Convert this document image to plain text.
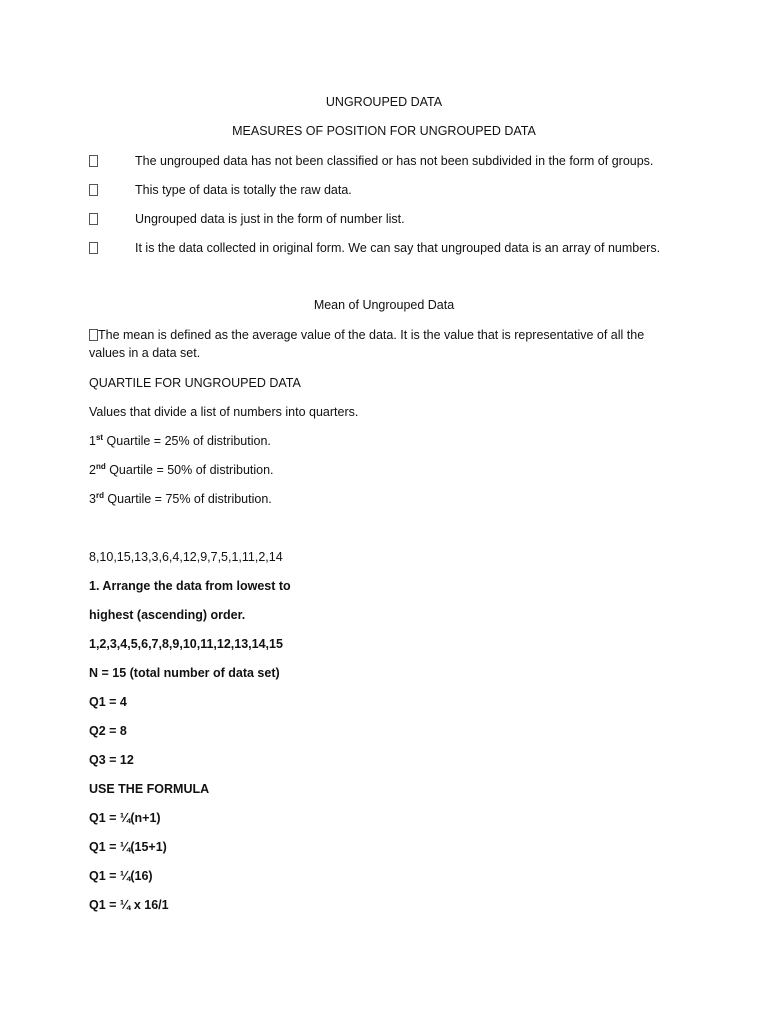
UNGROUPED DATA
MEASURES OF POSITION FOR UNGROUPED DATA
The ungrouped data has not been classified or has not been subdivided in the form of groups.
This type of data is totally the raw data.
Ungrouped data is just in the form of number list.
It is the data collected in original form. We can say that ungrouped data is an array of numbers.
Mean of Ungrouped Data
The mean is defined as the average value of the data. It is the value that is representative of all the
values in a data set.
QUARTILE FOR UNGROUPED DATA
Values that divide a list of numbers into quarters.
1st Quartile = 25% of distribution.
2nd Quartile = 50% of distribution.
3rd Quartile = 75% of distribution.
8,10,15,13,3,6,4,12,9,7,5,1,11,2,14
1. Arrange the data from lowest to
highest (ascending) order.
1,2,3,4,5,6,7,8,9,10,11,12,13,14,15
N = 15 (total number of data set)
Q1 = 4
Q2 = 8
Q3 = 12
USE THE FORMULA
Q1 = ¼(n+1)
Q1 = ¼(15+1)
Q1 = ¼(16)
Q1 = ¼ x 16/1
